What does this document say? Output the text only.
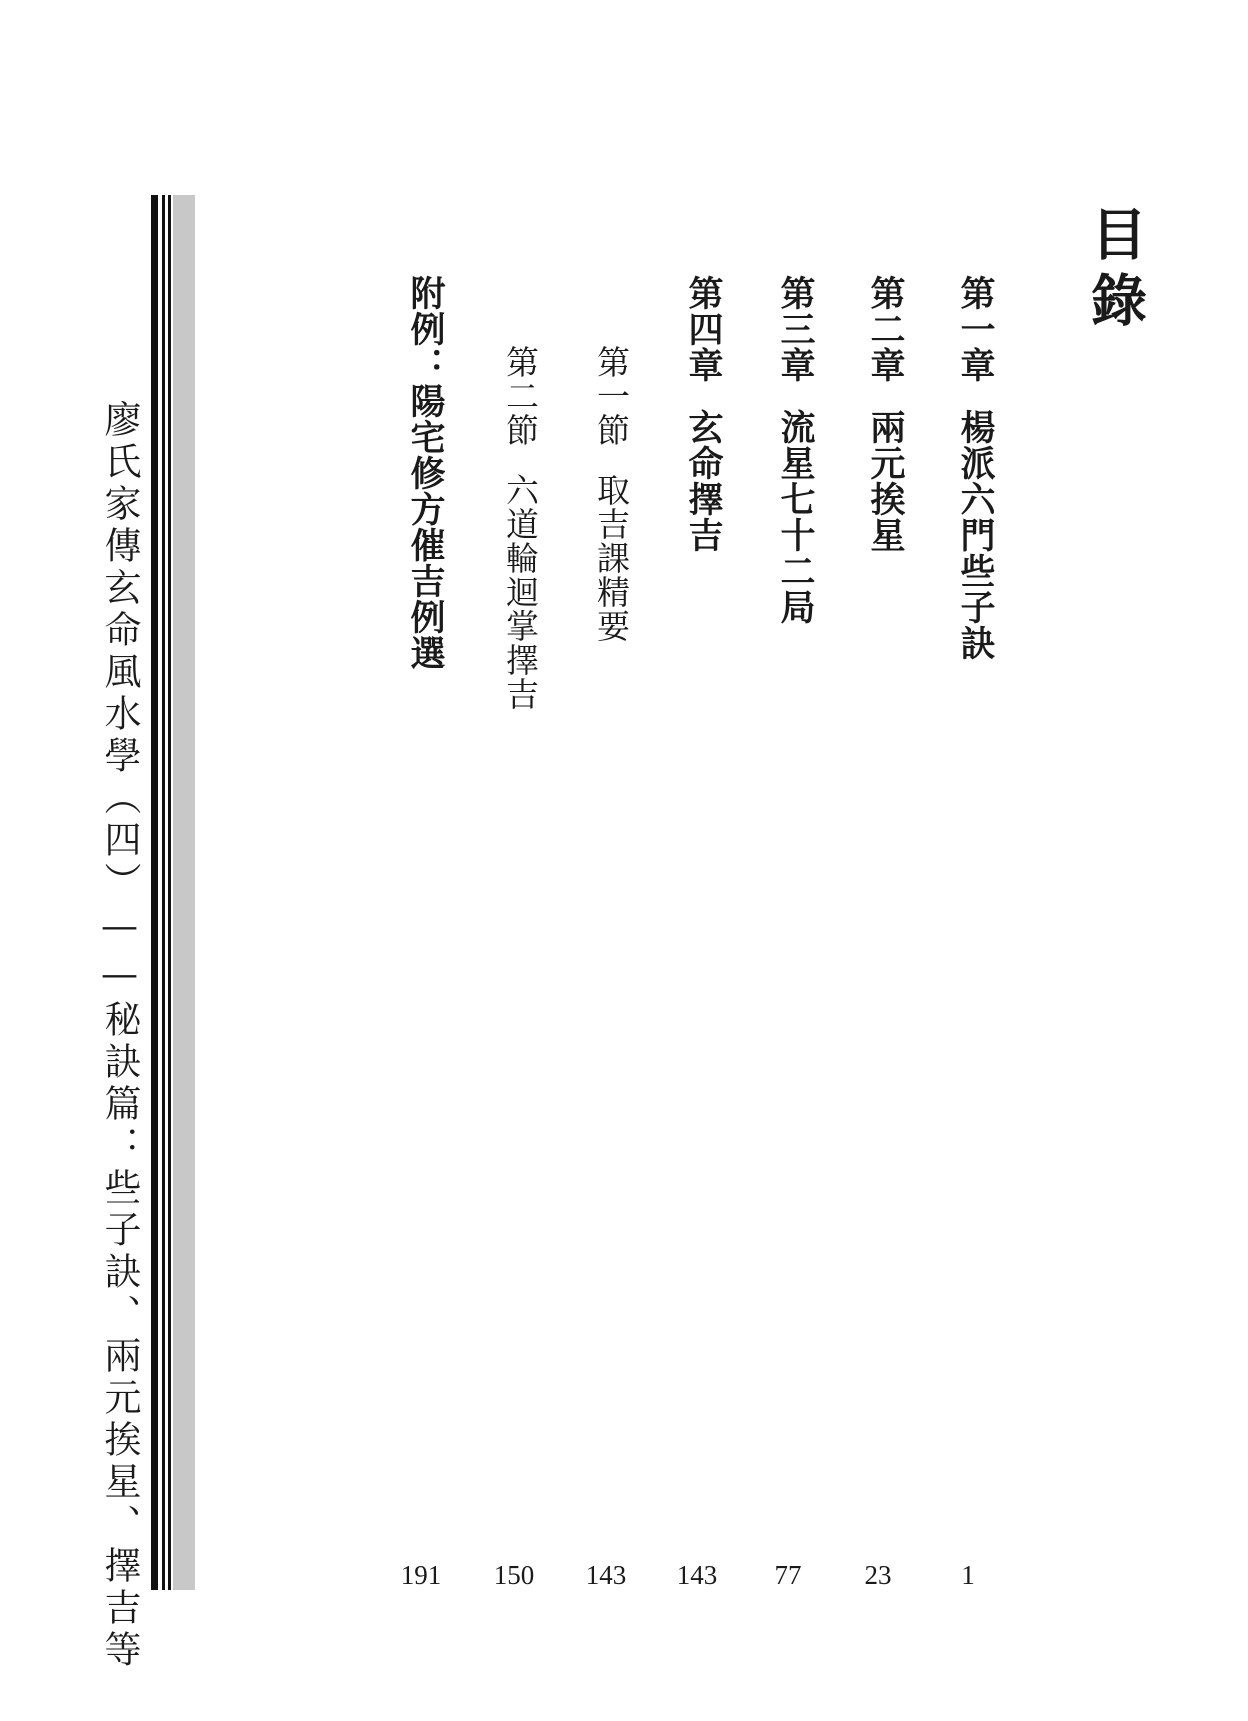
目錄
第一章楊派六門些子訣
第二章兩元挨星
第三章流星七十二局
第四章玄命擇吉
第一節取吉課精要
第二節六道輪迴掌擇吉
附例：陽宅修方催吉例選
1
23
77
143
143
150
191
廖氏家傳玄命風水學（四）——秘訣篇：些子訣、兩元挨星、擇吉等
